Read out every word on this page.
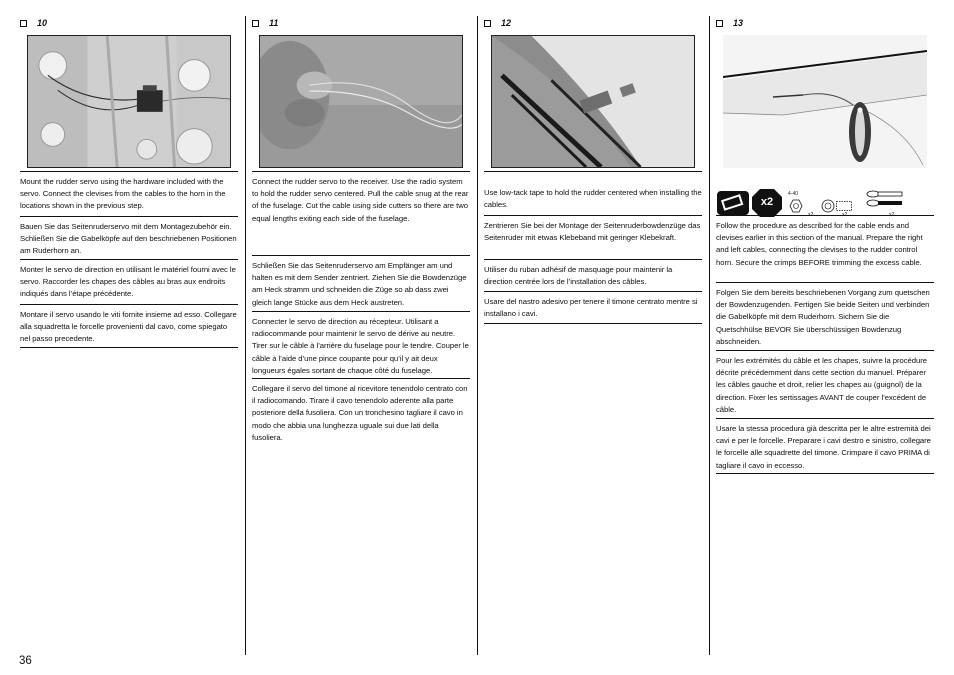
10
Mount the rudder servo using the hardware included with the servo. Connect the clevises from the cables to the horn in the locations shown in the previous step.
Bauen Sie das Seitenruderservo mit dem Montagezubehör ein. Schließen Sie die Gabelköpfe auf den beschriebenen Positionen am Ruderhorn an.
Monter le servo de direction en utilisant le matériel fourni avec le servo. Raccorder les chapes des câbles au bras aux endroits indiqués dans l’étape précédente.
Montare il servo usando le viti fornite insieme ad esso. Collegare alla squadretta le forcelle provenienti dal cavo, come spiegato nel passo precedente.
11
Connect the rudder servo to the receiver. Use the radio system to hold the rudder servo centered. Pull the cable snug at the rear of the fuselage. Cut the cable using side cutters so there are two equal lengths exiting each side of the fuselage.
Schließen Sie das Seitenruderservo am Empfänger am und halten es mit dem Sender zentriert. Ziehen Sie die Bowdenzüge am Heck stramm und schneiden die Züge so ab dass zwei gleich lange Stücke aus dem Heck austreten.
Connecter le servo de direction au récepteur. Utilisant a radiocommande pour maintenir le servo de dérive au neutre. Tirer sur le câble à l’arrière du fuselage pour le tendre. Couper le câble à l’aide d’une pince coupante pour qu’il y ait deux longueurs égales sortant de chaque côté du fuselage.
Collegare il servo del timone al ricevitore tenendolo centrato con il radiocomando. Tirare il cavo tenendolo aderente alla parte posteriore della fusoliera. Con un tronchesino tagliare il cavo in modo che abbia una lunghezza uguale sui due lati della fusoliera.
12
Use low-tack tape to hold the rudder centered when installing the cables.
Zentrieren Sie bei der Montage der Seitenruderbowdenzüge das Seitenruder mit etwas Klebeband mit geringer Klebekraft.
Utiliser du ruban adhésif de masquage pour maintenir la direction centrée lors de l’installation des câbles.
Usare del nastro adesivo per tenere il timone centrato mentre si installano i cavi.
13
x2
4-40
x2	x2	x2
Follow the procedure as described for the cable ends and clevises earlier in this section of the manual. Prepare the right and left cables, connecting the clevises to the rudder control horn. Secure the crimps BEFORE trimming the excess cable.
Folgen Sie dem bereits beschriebenen Vorgang zum quetschen der Bowdenzugenden. Fertigen Sie beide Seiten und verbinden die Gabelköpfe mit dem Ruderhorn. Sichern Sie die Quetschhülse BEVOR Sie überschüssigen Bowdenzug abschneiden.
Pour les extrémités du câble et les chapes, suivre la procédure décrite précédemment dans cette section du manuel. Préparer les câbles gauche et droit, relier les chapes au (guignol) de la direction. Fixer les sertissages AVANT de couper l’excédent de câble.
Usare la stessa procedura già descritta per le altre estremità dei cavi e per le forcelle. Preparare i cavi destro e sinistro, collegare le forcelle alle squadrette del timone. Crimpare il cavo PRIMA di tagliare il cavo in eccesso.
36
